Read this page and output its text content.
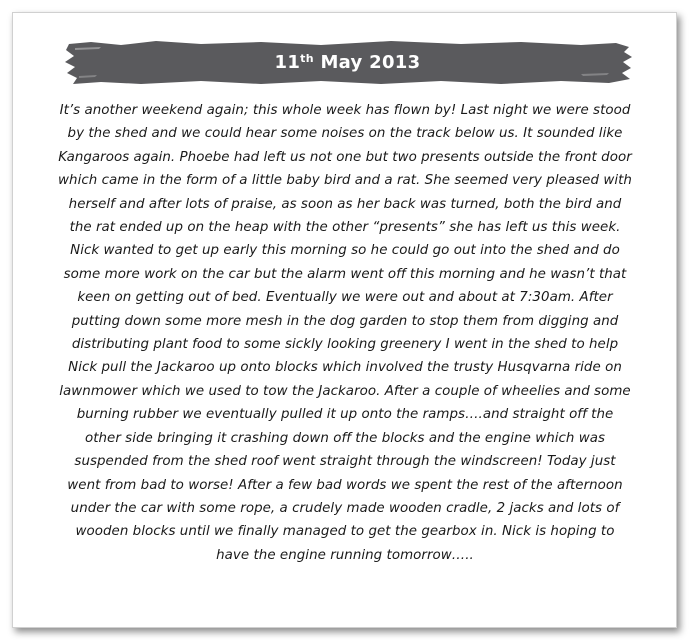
11th May 2013

It’s another weekend again; this whole week has flown by! Last night we were stood by the shed and we could hear some noises on the track below us. It sounded like Kangaroos again. Phoebe had left us not one but two presents outside the front door which came in the form of a little baby bird and a rat. She seemed very pleased with herself and after lots of praise, as soon as her back was turned, both the bird and the rat ended up on the heap with the other “presents” she has left us this week. Nick wanted to get up early this morning so he could go out into the shed and do some more work on the car but the alarm went off this morning and he wasn’t that keen on getting out of bed. Eventually we were out and about at 7:30am. After putting down some more mesh in the dog garden to stop them from digging and distributing plant food to some sickly looking greenery I went in the shed to help Nick pull the Jackaroo up onto blocks which involved the trusty Husqvarna ride on lawnmower which we used to tow the Jackaroo. After a couple of wheelies and some burning rubber we eventually pulled it up onto the ramps….and straight off the other side bringing it crashing down off the blocks and the engine which was suspended from the shed roof went straight through the windscreen! Today just went from bad to worse! After a few bad words we spent the rest of the afternoon under the car with some rope, a crudely made wooden cradle, 2 jacks and lots of wooden blocks until we finally managed to get the gearbox in. Nick is hoping to have the engine running tomorrow…..
